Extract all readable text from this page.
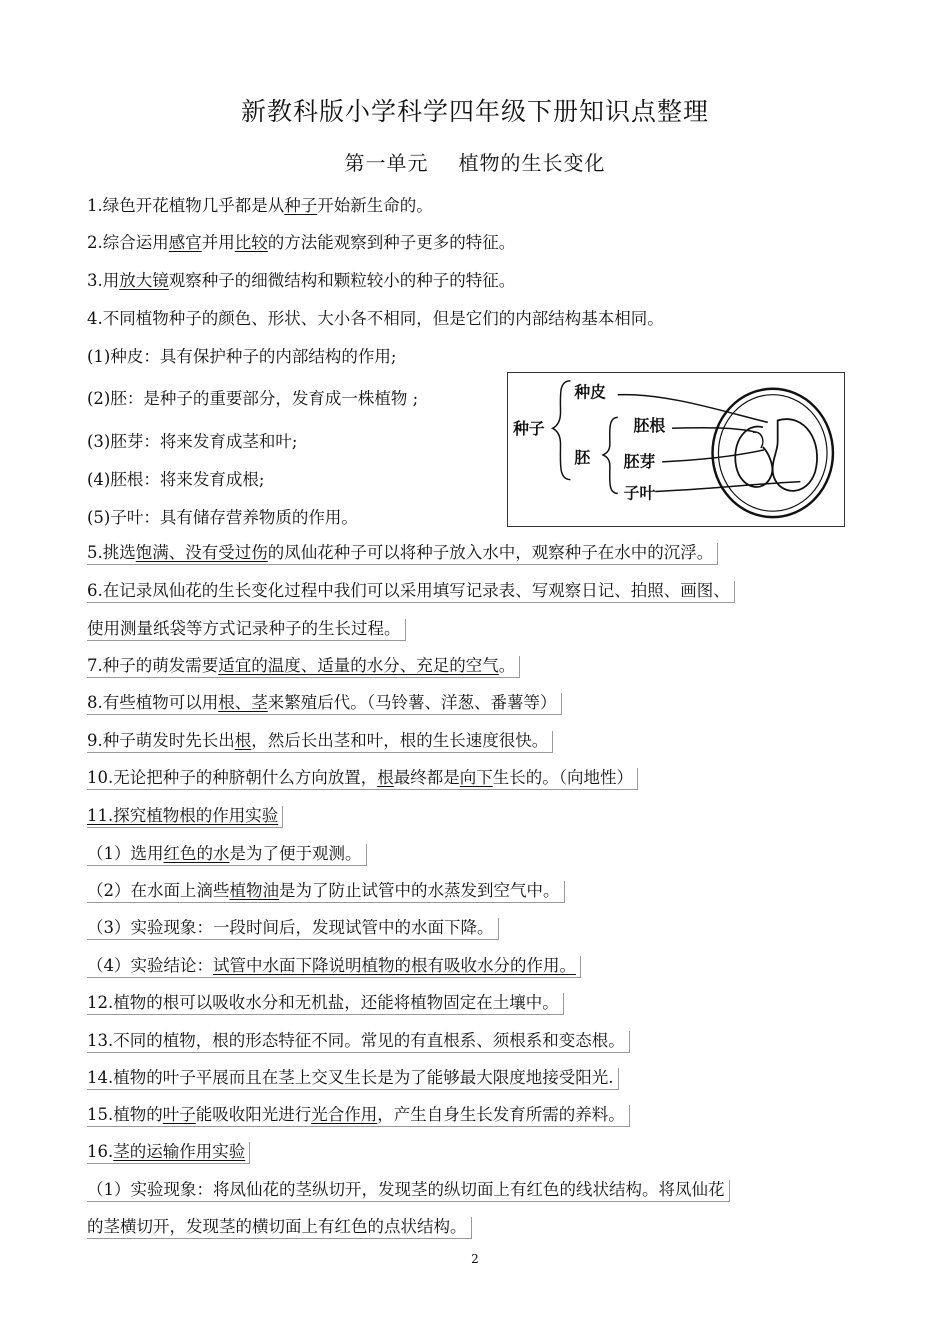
新教科版小学科学四年级下册知识点整理
第一单元 植物的生长变化
1.绿色开花植物几乎都是从种子开始新生命的。
2.综合运用感官并用比较的方法能观察到种子更多的特征。
3.用放大镜观察种子的细微结构和颗粒较小的种子的特征。
4.不同植物种子的颜色、形状、大小各不相同，但是它们的内部结构基本相同。
(1)种皮：具有保护种子的内部结构的作用;
(2)胚：是种子的重要部分，发育成一株植物 ;
(3)胚芽：将来发育成茎和叶;
(4)胚根：将来发育成根;
(5)子叶：具有储存营养物质的作用。
5.挑选饱满、没有受过伤的凤仙花种子可以将种子放入水中，观察种子在水中的沉浮。
6.在记录凤仙花的生长变化过程中我们可以采用填写记录表、写观察日记、拍照、画图、
使用测量纸袋等方式记录种子的生长过程。
7.种子的萌发需要适宜的温度、适量的水分、充足的空气。
8.有些植物可以用根、茎来繁殖后代。（马铃薯、洋葱、番薯等）
9.种子萌发时先长出根，然后长出茎和叶，根的生长速度很快。
10.无论把种子的种脐朝什么方向放置，根最终都是向下生长的。（向地性）
11.探究植物根的作用实验
（1）选用红色的水是为了便于观测。
（2）在水面上滴些植物油是为了防止试管中的水蒸发到空气中。
（3）实验现象：一段时间后，发现试管中的水面下降。
（4）实验结论：试管中水面下降说明植物的根有吸收水分的作用。
12.植物的根可以吸收水分和无机盐，还能将植物固定在土壤中。
13.不同的植物，根的形态特征不同。常见的有直根系、须根系和变态根。
14.植物的叶子平展而且在茎上交叉生长是为了能够最大限度地接受阳光.
15.植物的叶子能吸收阳光进行光合作用，产生自身生长发育所需的养料。
16.茎的运输作用实验
（1）实验现象：将凤仙花的茎纵切开，发现茎的纵切面上有红色的线状结构。将凤仙花
的茎横切开，发现茎的横切面上有红色的点状结构。
种子
种皮
胚
胚根
胚芽
子叶
2
